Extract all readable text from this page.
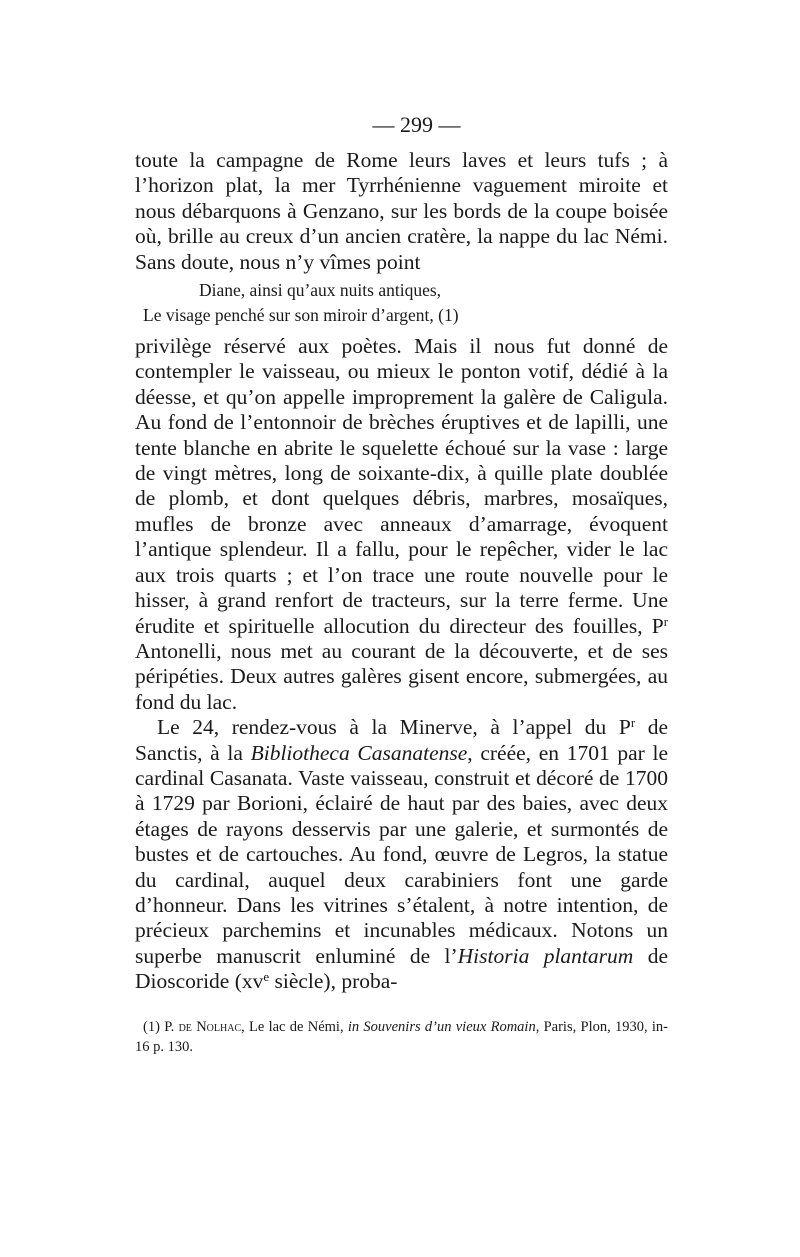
— 299 —

toute la campagne de Rome leurs laves et leurs tufs ; à l’horizon plat, la mer Tyrrhénienne vaguement miroite et nous débarquons à Genzano, sur les bords de la coupe boisée où, brille au creux d’un ancien cratère, la nappe du lac Némi. Sans doute, nous n’y vîmes point

Diane, ainsi qu’aux nuits antiques,
Le visage penché sur son miroir d’argent, (1)

privilège réservé aux poètes. Mais il nous fut donné de contempler le vaisseau, ou mieux le ponton votif, dédié à la déesse, et qu’on appelle improprement la galère de Caligula. Au fond de l’entonnoir de brèches éruptives et de lapilli, une tente blanche en abrite le squelette échoué sur la vase : large de vingt mètres, long de soixante-dix, à quille plate doublée de plomb, et dont quelques débris, marbres, mosaïques, mufles de bronze avec anneaux d’amarrage, évoquent l’antique splendeur. Il a fallu, pour le repêcher, vider le lac aux trois quarts ; et l’on trace une route nouvelle pour le hisser, à grand renfort de tracteurs, sur la terre ferme. Une érudite et spirituelle allocution du directeur des fouilles, $P^r$ Antonelli, nous met au courant de la découverte, et de ses péripéties. Deux autres galères gisent encore, submergées, au fond du lac.

Le 24, rendez-vous à la Minerve, à l’appel du $P^r$ de Sanctis, à la Bibliotheca Casanatense, créée, en 1701 par le cardinal Casanata. Vaste vaisseau, construit et décoré de 1700 à 1729 par Borioni, éclairé de haut par des baies, avec deux étages de rayons desservis par une galerie, et surmontés de bustes et de cartouches. Au fond, œuvre de Legros, la statue du cardinal, auquel deux carabiniers font une garde d’honneur. Dans les vitrines s’étalent, à notre intention, de précieux parchemins et incunables médicaux. Notons un superbe manuscrit enluminé de l’Historia plantarum de Dioscoride ($xv^e$ siècle), proba-

(1) P. de Nolhac, Le lac de Némi, in Souvenirs d’un vieux Romain, Paris, Plon, 1930, in-16 p. 130.
